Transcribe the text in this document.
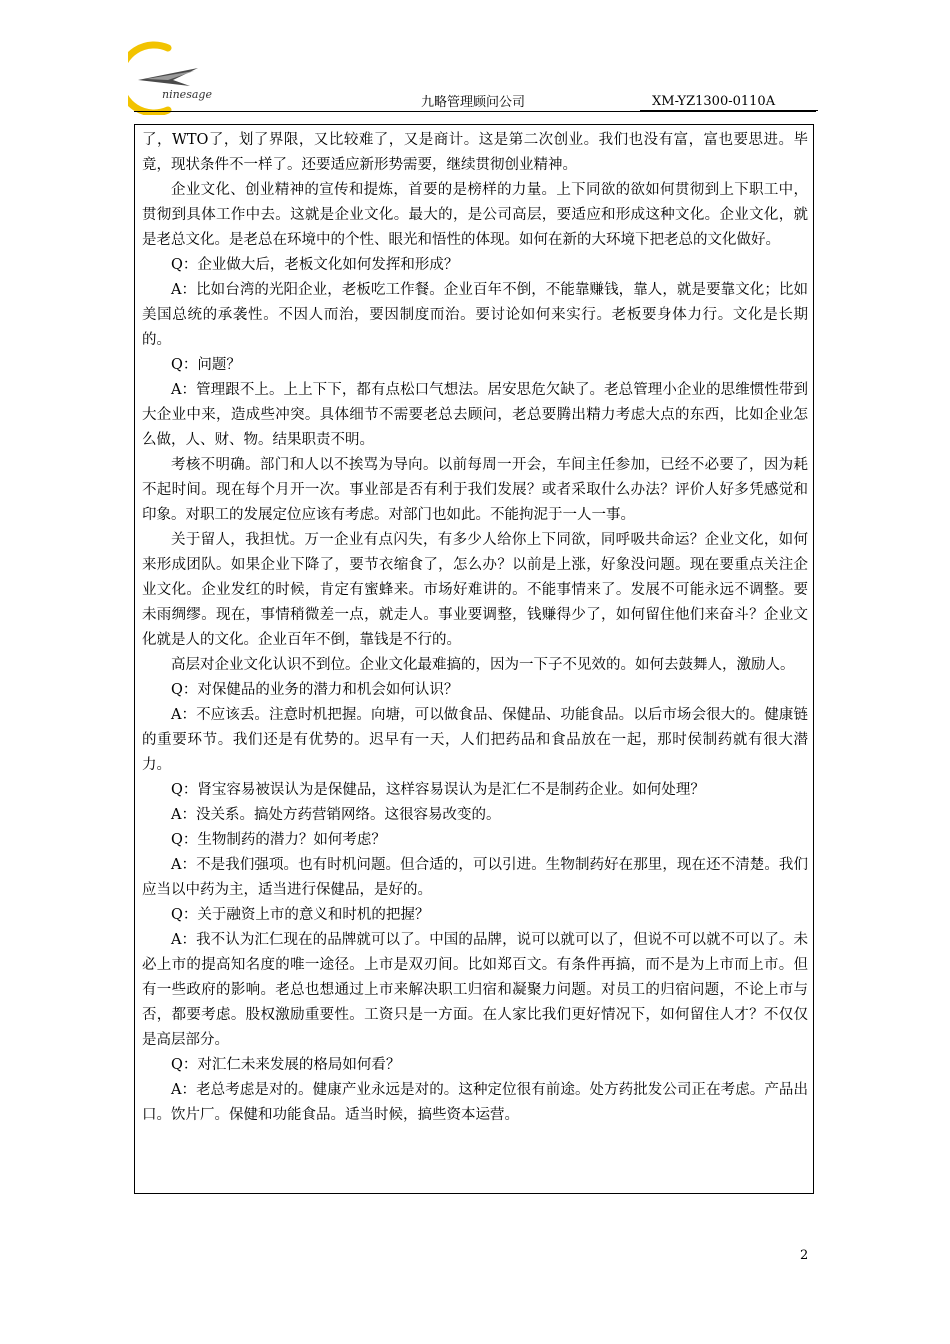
ninesage
九略管理顾问公司	XM-YZ1300-0110A

了，WTO了，划了界限，又比较难了，又是商计。这是第二次创业。我们也没有富，富也要思进。毕竟，现状条件不一样了。还要适应新形势需要，继续贯彻创业精神。

企业文化、创业精神的宣传和提炼，首要的是榜样的力量。上下同欲的欲如何贯彻到上下职工中，贯彻到具体工作中去。这就是企业文化。最大的，是公司高层，要适应和形成这种文化。企业文化，就是老总文化。是老总在环境中的个性、眼光和悟性的体现。如何在新的大环境下把老总的文化做好。

Q：企业做大后，老板文化如何发挥和形成？

A：比如台湾的光阳企业，老板吃工作餐。企业百年不倒，不能靠赚钱，靠人，就是要靠文化；比如美国总统的承袭性。不因人而治，要因制度而治。要讨论如何来实行。老板要身体力行。文化是长期的。

Q：问题？

A：管理跟不上。上上下下，都有点松口气想法。居安思危欠缺了。老总管理小企业的思维惯性带到大企业中来，造成些冲突。具体细节不需要老总去顾问，老总要腾出精力考虑大点的东西，比如企业怎么做，人、财、物。结果职责不明。

考核不明确。部门和人以不挨骂为导向。以前每周一开会，车间主任参加，已经不必要了，因为耗不起时间。现在每个月开一次。事业部是否有利于我们发展？或者采取什么办法？评价人好多凭感觉和印象。对职工的发展定位应该有考虑。对部门也如此。不能拘泥于一人一事。

关于留人，我担忧。万一企业有点闪失，有多少人给你上下同欲，同呼吸共命运？企业文化，如何来形成团队。如果企业下降了，要节衣缩食了，怎么办？以前是上涨，好象没问题。现在要重点关注企业文化。企业发红的时候，肯定有蜜蜂来。市场好难讲的。不能事情来了。发展不可能永远不调整。要未雨绸缪。现在，事情稍微差一点，就走人。事业要调整，钱赚得少了，如何留住他们来奋斗？企业文化就是人的文化。企业百年不倒，靠钱是不行的。

高层对企业文化认识不到位。企业文化最难搞的，因为一下子不见效的。如何去鼓舞人，激励人。

Q：对保健品的业务的潜力和机会如何认识？

A：不应该丢。注意时机把握。向塘，可以做食品、保健品、功能食品。以后市场会很大的。健康链的重要环节。我们还是有优势的。迟早有一天，人们把药品和食品放在一起，那时侯制药就有很大潜力。

Q：肾宝容易被误认为是保健品，这样容易误认为是汇仁不是制药企业。如何处理？

A：没关系。搞处方药营销网络。这很容易改变的。

Q：生物制药的潜力？如何考虑？

A：不是我们强项。也有时机问题。但合适的，可以引进。生物制药好在那里，现在还不清楚。我们应当以中药为主，适当进行保健品，是好的。

Q：关于融资上市的意义和时机的把握？

A：我不认为汇仁现在的品牌就可以了。中国的品牌，说可以就可以了，但说不可以就不可以了。未必上市的提高知名度的唯一途径。上市是双刃间。比如郑百文。有条件再搞，而不是为上市而上市。但有一些政府的影响。老总也想通过上市来解决职工归宿和凝聚力问题。对员工的归宿问题，不论上市与否，都要考虑。股权激励重要性。工资只是一方面。在人家比我们更好情况下，如何留住人才？不仅仅是高层部分。

Q：对汇仁未来发展的格局如何看？

A：老总考虑是对的。健康产业永远是对的。这种定位很有前途。处方药批发公司正在考虑。产品出口。饮片厂。保健和功能食品。适当时候，搞些资本运营。

2
